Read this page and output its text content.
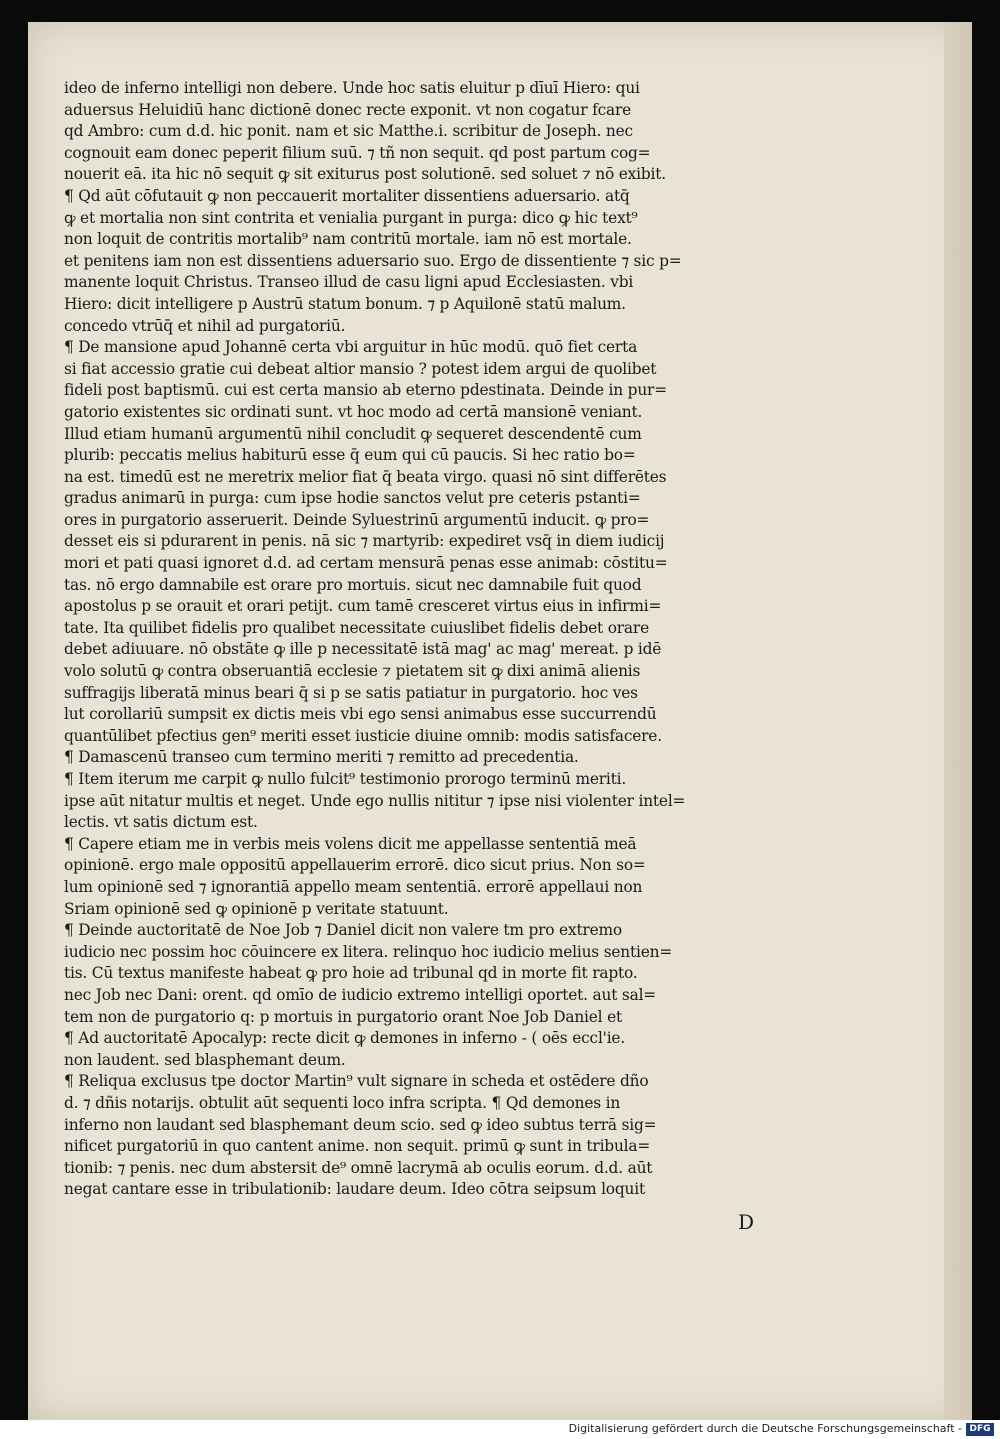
ideo de inferno intelligi non debere. Unde hoc satis eluitur p dīuī Hiero: qui
aduersus Heluidiū hanc dictionē donec recte exponit. vt non cogatur fcare
qd Ambro: cum d.d. hic ponit. nam et sic Matthe.i. scribitur de Joseph. nec
cognouit eam donec peperit filium suū. ⁊ tñ non sequit. qd post partum cog=
nouerit eā. ita hic nō sequit ꝙ sit exiturus post solutionē. sed soluet ⁊ nō exibit.
¶ Qd aūt cōfutauit ꝙ non peccauerit mortaliter dissentiens aduersario. atq̄
ꝙ et mortalia non sint contrita et venialia purgant in purga: dico ꝙ hic text⁹
non loquit de contritis mortalib⁹ nam contritū mortale. iam nō est mortale.
et penitens iam non est dissentiens aduersario suo. Ergo de dissentiente ⁊ sic p=
manente loquit Christus. Transeo illud de casu ligni apud Ecclesiasten. vbi
Hiero: dicit intelligere p Austrū statum bonum. ⁊ p Aquilonē statū malum.
concedo vtrūq̄ et nihil ad purgatoriū.
¶ De mansione apud Johannē certa vbi arguitur in hūc modū. quō fiet certa
si fiat accessio gratie cui debeat altior mansio ? potest idem argui de quolibet
fideli post baptismū. cui est certa mansio ab eterno pdestinata. Deinde in pur=
gatorio existentes sic ordinati sunt. vt hoc modo ad certā mansionē veniant.
Illud etiam humanū argumentū nihil concludit ꝙ sequeret descendentē cum
plurib: peccatis melius habiturū esse q̄ eum qui cū paucis. Si hec ratio bo=
na est. timedū est ne meretrix melior fiat q̄ beata virgo. quasi nō sint differētes
gradus animarū in purga: cum ipse hodie sanctos velut pre ceteris pstanti=
ores in purgatorio asseruerit. Deinde Syluestrinū argumentū inducit. ꝙ pro=
desset eis si pdurarent in penis. nā sic ⁊ martyrib: expediret vsq̄ in diem iudicij
mori et pati quasi ignoret d.d. ad certam mensurā penas esse animab: cōstitu=
tas. nō ergo damnabile est orare pro mortuis. sicut nec damnabile fuit quod
apostolus p se orauit et orari petijt. cum tamē cresceret virtus eius in infirmi=
tate. Ita quilibet fidelis pro qualibet necessitate cuiuslibet fidelis debet orare
debet adiuuare. nō obstāte ꝙ ille p necessitatē istā mag' ac mag' mereat. p idē
volo solutū ꝙ contra obseruantiā ecclesie ⁊ pietatem sit ꝙ dixi animā alienis
suffragijs liberatā minus beari q̄ si p se satis patiatur in purgatorio. hoc ves
lut corollariū sumpsit ex dictis meis vbi ego sensi animabus esse succurrendū
quantūlibet pfectius gen⁹ meriti esset iusticie diuine omnib: modis satisfacere.
¶ Damascenū transeo cum termino meriti ⁊ remitto ad precedentia.
¶ Item iterum me carpit ꝙ nullo fulcit⁹ testimonio prorogo terminū meriti.
ipse aūt nitatur multis et neget. Unde ego nullis nititur ⁊ ipse nisi violenter intel=
lectis. vt satis dictum est.
¶ Capere etiam me in verbis meis volens dicit me appellasse sententiā meā
opinionē. ergo male oppositū appellauerim errorē. dico sicut prius. Non so=
lum opinionē sed ⁊ ignorantiā appello meam sententiā. errorē appellaui non
Sriam opinionē sed ꝙ opinionē p veritate statuunt.
¶ Deinde auctoritatē de Noe Job ⁊ Daniel dicit non valere tm pro extremo
iudicio nec possim hoc cōuincere ex litera. relinquo hoc iudicio melius sentien=
tis. Cū textus manifeste habeat ꝙ pro hoie ad tribunal qd in morte fit rapto.
nec Job nec Dani: orent. qd omīo de iudicio extremo intelligi oportet. aut sal=
tem non de purgatorio q: p mortuis in purgatorio orant Noe Job Daniel et
¶ Ad auctoritatē Apocalyp: recte dicit ꝙ demones in inferno - ( oēs eccl'ie.
non laudent. sed blasphemant deum.
¶ Reliqua exclusus tpe doctor Martin⁹ vult signare in scheda et ostēdere dño
d. ⁊ dñis notarijs. obtulit aūt sequenti loco infra scripta. ¶ Qd demones in
inferno non laudant sed blasphemant deum scio. sed ꝙ ideo subtus terrā sig=
nificet purgatoriū in quo cantent anime. non sequit. primū ꝙ sunt in tribula=
tionib: ⁊ penis. nec dum abstersit de⁹ omnē lacrymā ab oculis eorum. d.d. aūt
negat cantare esse in tribulationib: laudare deum. Ideo cōtra seipsum loquit
D
Digitalisierung gefördert durch die Deutsche Forschungsgemeinschaft - DFG
